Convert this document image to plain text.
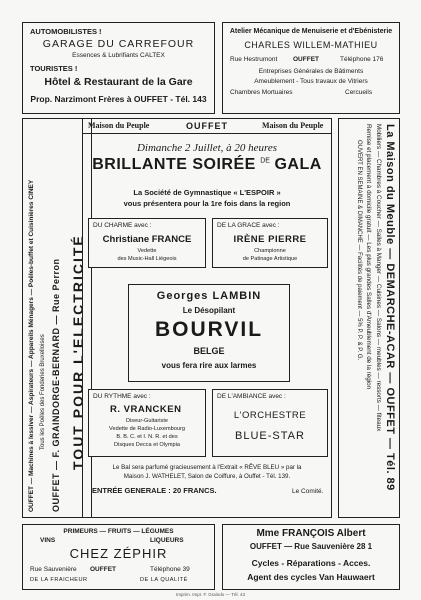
AUTOMOBILISTES !
GARAGE DU CARREFOUR
Essences & Lubrifiants CALTEX
TOURISTES !
Hôtel & Restaurant de la Gare
Prop. Narzimont Frères à OUFFET - Tél. 143
Atelier Mécanique de Menuiserie et d'Ebénisterie
CHARLES WILLEM-MATHIEU
Rue Hestrumont OUFFET	Téléphone 176
Entreprises Générales de Bâtiments
Ameublement - Tous travaux de Vitriers
Chambres Mortuaires	Cercueils
OUFFET — Machines à lessiver — Aspirateurs — Appareils Ménagers — Poêles-buffet et Cuisinières CINEY Tous les Poêles des Fonderies Bruxelloises OUFFET — F. GRAINDORGE-BERNARD — Rue Perron TOUT POUR L'ELECTRICITÉ	La Maison du Meuble — DEMARCHE-ACAR — OUFFET — Tél. 89
Mobiliers — Chambres à Coucher — Salles à Manger — Cuisines — Salons — meubles — ressorts — fiteaux
Remise et placement à domicile gratuit — Les plus grandes Salles d'Ameublement de la région
OUVERT EN SEMAINE & DIMANCHE — Facilités de paiement — 5% P. P. & P. G.
Maison du Peuple	OUFFET	Maison du Peuple
Dimanche 2 Juillet, à 20 heures
BRILLANTE SOIRÉE $^{DE}$ GALA
La Société de Gymnastique « L'ESPOIR »
vous présentera pour la 1re fois dans la region
DU CHARME avec :
Christiane FRANCE
Vedette
des Music-Hall Liégeois
DE LA GRACE avec :
IRÈNE PIERRE
Championne
de Patinage Artistique
Georges LAMBIN
Le Désopilant
BOURVIL
BELGE
vous fera rire aux larmes
DU RYTHME avec :
R. VRANCKEN
Diseur-Guitariste
Vedette de Radio-Luxembourg
B. B. C. et I. N. R. et des
Disques Decca et Olympia
DE L'AMBIANCE avec :
L'ORCHESTRE
BLUE-STAR
Le Bal sera parfumé gracieusement à l'Extrait « RÊVE BLEU » par la
Maison J. WATHELET, Salon de Coiffure, à Ouffet - Tél. 139.
ENTRÉE GENERALE : 20 FRANCS.	Le Comité.
PRIMEURS — FRUITS — LÉGUMES
VINS	LIQUEURS
CHEZ ZÉPHIR
Rue Sauvenière OUFFET	Téléphone 39
DE LA FRAICHEUR	DE LA QUALITÉ
Mme FRANÇOIS Albert
OUFFET — Rue Sauvenière 28 1
Cycles - Réparations - Acces.
Agent des cycles Van Hauwaert
Imprim. Impr. F. Graindo — Tél. 43
